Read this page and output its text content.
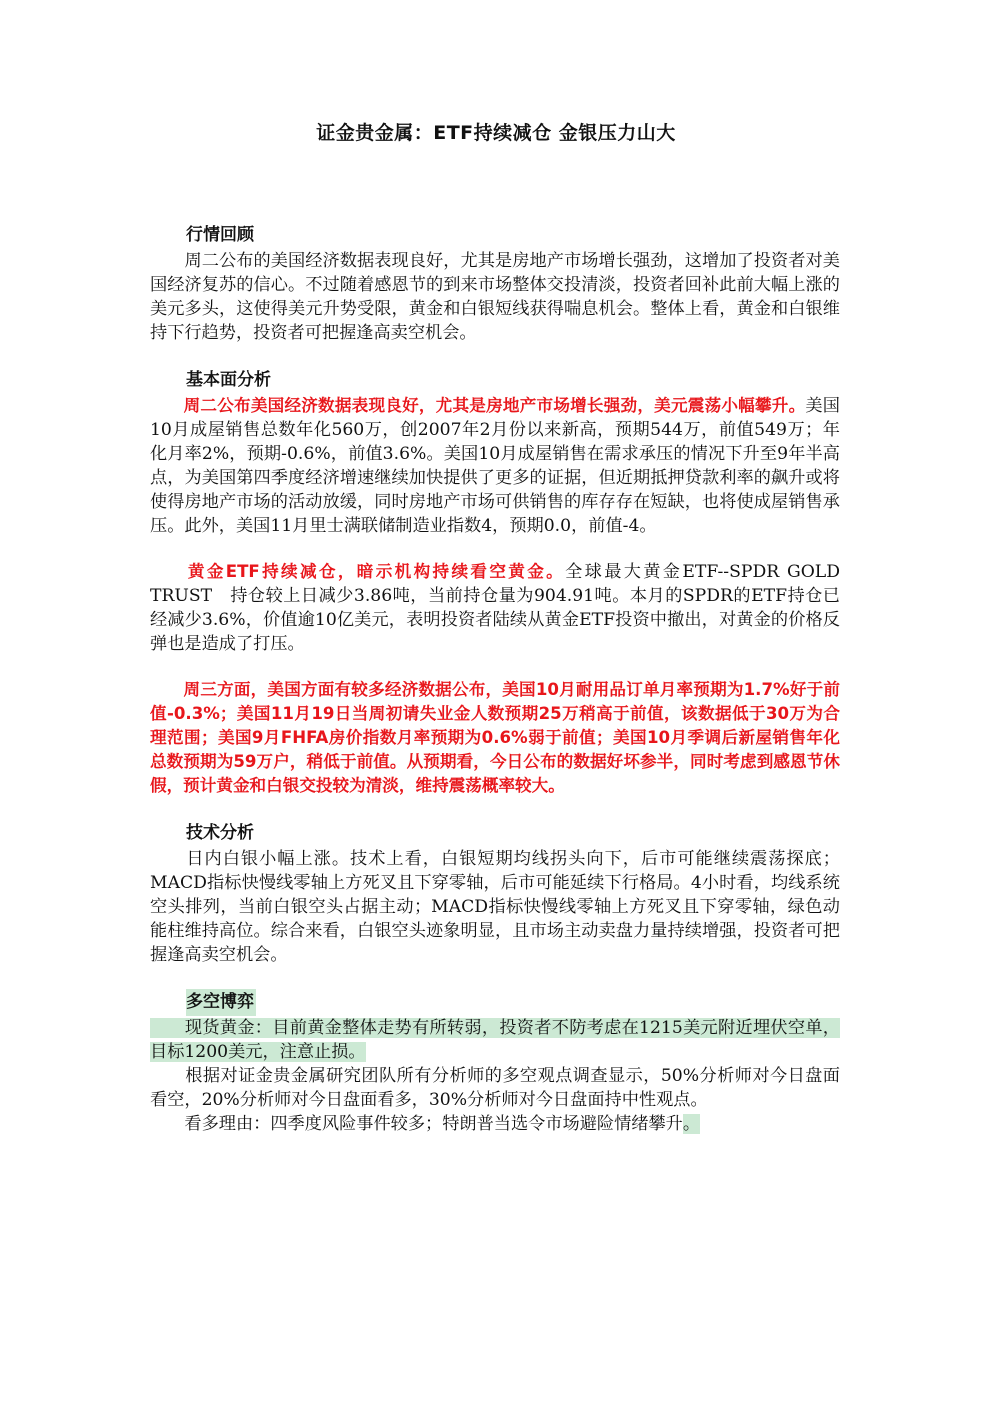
证金贵金属：ETF持续减仓 金银压力山大
行情回顾

　　周二公布的美国经济数据表现良好，尤其是房地产市场增长强劲，这增加了投资者对美国经济复苏的信心。不过随着感恩节的到来市场整体交投清淡，投资者回补此前大幅上涨的美元多头，这使得美元升势受限，黄金和白银短线获得喘息机会。整体上看，黄金和白银维持下行趋势，投资者可把握逢高卖空机会。

基本面分析

　　周二公布美国经济数据表现良好，尤其是房地产市场增长强劲，美元震荡小幅攀升。美国10月成屋销售总数年化560万，创2007年2月份以来新高，预期544万，前值549万；年化月率2%，预期-0.6%，前值3.6%。美国10月成屋销售在需求承压的情况下升至9年半高点，为美国第四季度经济增速继续加快提供了更多的证据，但近期抵押贷款利率的飙升或将使得房地产市场的活动放缓，同时房地产市场可供销售的库存存在短缺，也将使成屋销售承压。此外，美国11月里士满联储制造业指数4，预期0.0，前值-4。

　　黄金ETF持续减仓，暗示机构持续看空黄金。全球最大黄金ETF--SPDR GOLD TRUST　持仓较上日减少3.86吨，当前持仓量为904.91吨。本月的SPDR的ETF持仓已经减少3.6%，价值逾10亿美元，表明投资者陆续从黄金ETF投资中撤出，对黄金的价格反弹也是造成了打压。

　　周三方面，美国方面有较多经济数据公布，美国10月耐用品订单月率预期为1.7%好于前值-0.3%；美国11月19日当周初请失业金人数预期25万稍高于前值，该数据低于30万为合理范围；美国9月FHFA房价指数月率预期为0.6%弱于前值；美国10月季调后新屋销售年化总数预期为59万户，稍低于前值。从预期看，今日公布的数据好坏参半，同时考虑到感恩节休假，预计黄金和白银交投较为清淡，维持震荡概率较大。

技术分析

　　日内白银小幅上涨。技术上看，白银短期均线拐头向下，后市可能继续震荡探底；MACD指标快慢线零轴上方死叉且下穿零轴，后市可能延续下行格局。4小时看，均线系统空头排列，当前白银空头占据主动；MACD指标快慢线零轴上方死叉且下穿零轴，绿色动能柱维持高位。综合来看，白银空头迹象明显，且市场主动卖盘力量持续增强，投资者可把握逢高卖空机会。

多空博弈

　　现货黄金：目前黄金整体走势有所转弱，投资者不防考虑在1215美元附近埋伏空单，目标1200美元，注意止损。

　　根据对证金贵金属研究团队所有分析师的多空观点调查显示，50%分析师对今日盘面看空，20%分析师对今日盘面看多，30%分析师对今日盘面持中性观点。

　　看多理由：四季度风险事件较多；特朗普当选令市场避险情绪攀升。
